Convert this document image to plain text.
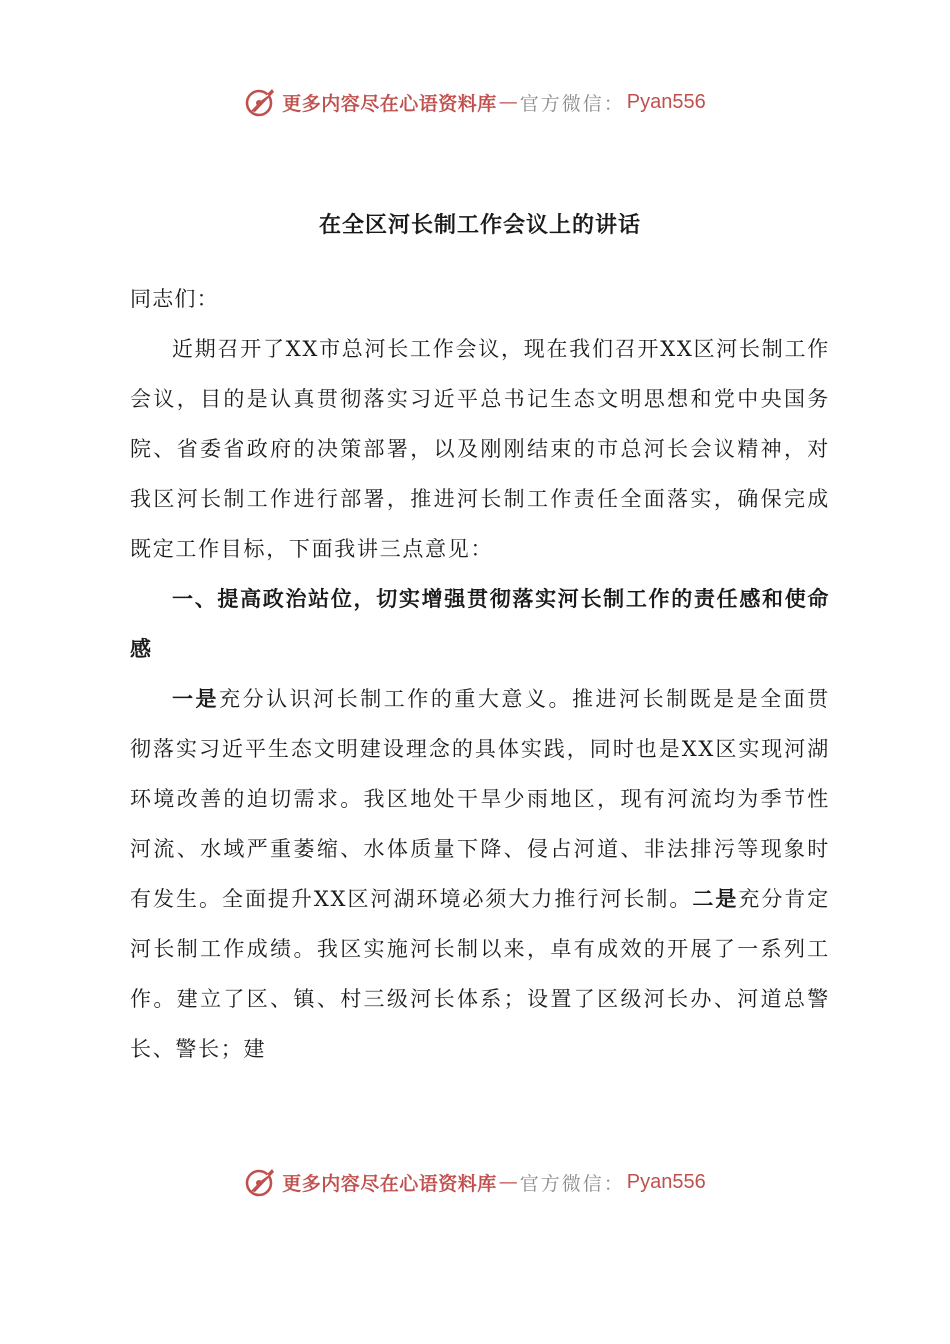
更多内容尽在心语资料库 — 官方微信： Pyan556
在全区河长制工作会议上的讲话
同志们：

近期召开了XX市总河长工作会议，现在我们召开XX区河长制工作会议，目的是认真贯彻落实习近平总书记生态文明思想和党中央国务院、省委省政府的决策部署，以及刚刚结束的市总河长会议精神，对我区河长制工作进行部署，推进河长制工作责任全面落实，确保完成既定工作目标，下面我讲三点意见：

一、提高政治站位，切实增强贯彻落实河长制工作的责任感和使命感

一是充分认识河长制工作的重大意义。推进河长制既是是全面贯彻落实习近平生态文明建设理念的具体实践，同时也是XX区实现河湖环境改善的迫切需求。我区地处干旱少雨地区，现有河流均为季节性河流、水域严重萎缩、水体质量下降、侵占河道、非法排污等现象时有发生。全面提升XX区河湖环境必须大力推行河长制。二是充分肯定河长制工作成绩。我区实施河长制以来，卓有成效的开展了一系列工作。建立了区、镇、村三级河长体系；设置了区级河长办、河道总警长、警长；建

更多内容尽在心语资料库 — 官方微信： Pyan556
